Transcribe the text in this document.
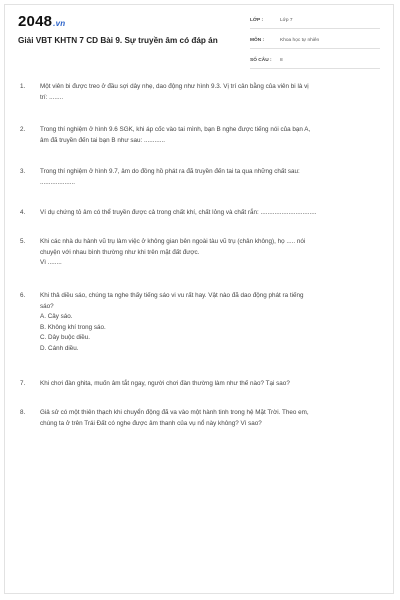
2048 .vn
Giải VBT KHTN 7 CD Bài 9. Sự truyền âm có đáp án
LỚP :	Lớp 7
MÔN :	Khoa học tự nhiên
SỐ CÂU :	8
1.	Một viên bi được treo ở đầu sợi dây nhẹ, dao động như hình 9.3. Vị trí cân bằng của viên bi là vị
trí: ........
2.	Trong thí nghiệm ở hình 9.6 SGK, khi áp cốc vào tai mình, bạn B nghe được tiếng nói của bạn A,
âm đã truyền đến tai bạn B như sau: ............
3.	Trong thí nghiệm ở hình 9.7, âm do đồng hồ phát ra đã truyền đến tai ta qua những chất sau:
....................
4.	Ví dụ chứng tỏ âm có thể truyền được cả trong chất khí, chất lỏng và chất rắn: ................................
5.	Khi các nhà du hành vũ trụ làm việc ở không gian bên ngoài tàu vũ trụ (chân không), họ ..... nói
chuyện với nhau bình thường như khi trên mặt đất được.
Vì ........
6.	Khi thả diều sáo, chúng ta nghe thấy tiếng sáo vi vu rất hay. Vật nào đã dao động phát ra tiếng
sáo?
A. Cây sáo.
B. Không khí trong sáo.
C. Dây buộc diều.
D. Cánh diều.
7.	Khi chơi đàn ghita, muốn âm tắt ngay, người chơi đàn thường làm như thế nào? Tại sao?
8.	Giả sử có một thiên thạch khi chuyển động đã va vào một hành tinh trong hệ Mặt Trời. Theo em,
chúng ta ở trên Trái Đất có nghe được âm thanh của vụ nổ này không? Vì sao?
